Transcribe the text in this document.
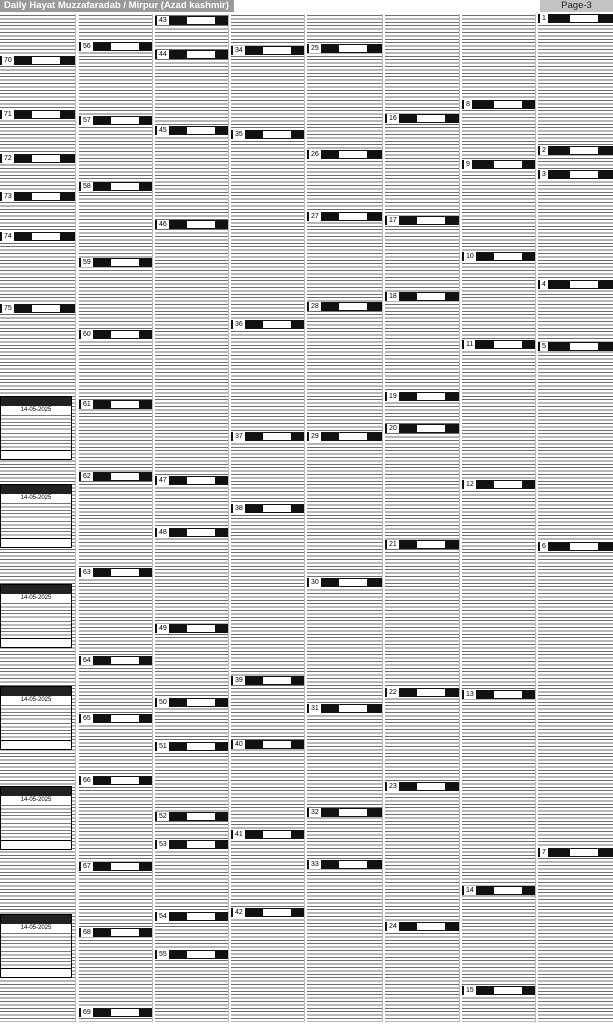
Daily Hayat Muzzafaradab / Mirpur (Azad kashmir)	Page-3
70
71
72
73
74
75
14-05-2025
14-05-2025
14-05-2025
14-05-2025
14-05-2025
14-05-2025
56
57
58
59
60
61
62
63
64
65
66
67
68
69
43
44
45
46
47
48
49
50
51
52
53
54
55
34
35
36
37
38
39
40
41
42
25
26
27
28
29
30
31
32
33
16
17
18
19
20
21
22
23
24
8
9
10
11
12
13
14
15
1
2
3
4
5
6
7
